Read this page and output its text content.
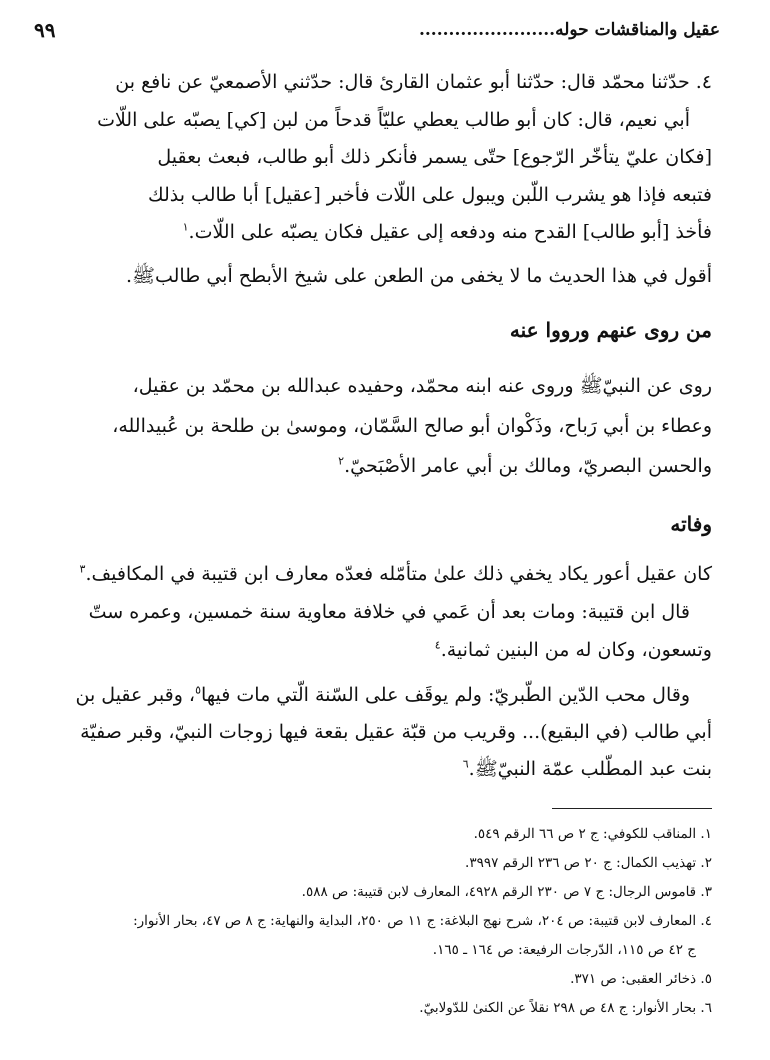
عقيل والمناقشات حوله.......................
٩٩

٤. حدّثنا محمّد قال: حدّثنا أبو عثمان القارئ قال: حدّثني الأصمعيّ عن نافع بن
أبي نعيم، قال: كان أبو طالب يعطي عليّاً قدحاً من لبن [كي] يصبّه على اللّات
[فكان عليّ يتأخّر الرّجوع] حتّى يسمر فأنكر ذلك أبو طالب، فبعث بعقيل
فتبعه فإذا هو يشرب اللّبن ويبول على اللّات فأخبر [عقيل] أبا طالب بذلك
فأخذ [أبو طالب] القدح منه ودفعه إلى عقيل فكان يصبّه على اللّات.$^١$

أقول في هذا الحديث ما لا يخفى من الطعن على شيخ الأبطح أبي طالبﷺ.

من روى عنهم ورووا عنه

روى عن النبيّﷺ وروى عنه ابنه محمّد، وحفيده عبدالله بن محمّد بن عقيل،
وعطاء بن أبي رَباح، وذَكْوان أبو صالح السَّمّان، وموسىٰ بن طلحة بن عُبيدالله،
والحسن البصريّ، ومالك بن أبي عامر الأصْبَحيّ.$^٢$

وفاته

كان عقيل أعور يكاد يخفي ذلك علىٰ متأمّله فعدّه معارف ابن قتيبة في المكافيف.$^٣$

قال ابن قتيبة: ومات بعد أن عَمي في خلافة معاوية سنة خمسين، وعمره ستّ
وتسعون، وكان له من البنين ثمانية.$^٤$

وقال محب الدّين الطّبريّ: ولم يوقَف على السّنة الّتي مات فيها$^٥$، وقبر عقيل بن
أبي طالب (في البقيع)... وقريب من قبّة عقيل بقعة فيها زوجات النبيّ، وقبر صفيّة
بنت عبد المطّلب عمّة النبيّﷺ.$^٦$

١. المناقب للكوفي: ج ٢ ص ٦٦ الرقم ٥٤٩.
٢. تهذيب الكمال: ج ٢٠ ص ٢٣٦ الرقم ٣٩٩٧.
٣. قاموس الرجال: ج ٧ ص ٢٣٠ الرقم ٤٩٢٨، المعارف لابن قتيبة: ص ٥٨٨.
٤. المعارف لابن قتيبة: ص ٢٠٤، شرح نهج البلاغة: ج ١١ ص ٢٥٠، البداية والنهاية: ج ٨ ص ٤٧، بحار الأنوار:
ج ٤٢ ص ١١٥، الدّرجات الرفيعة: ص ١٦٤ ـ ١٦٥.
٥. ذخائر العقبى: ص ٣٧١.
٦. بحار الأنوار: ج ٤٨ ص ٢٩٨ نقلاً عن الكنىٰ للدّولابيّ.
